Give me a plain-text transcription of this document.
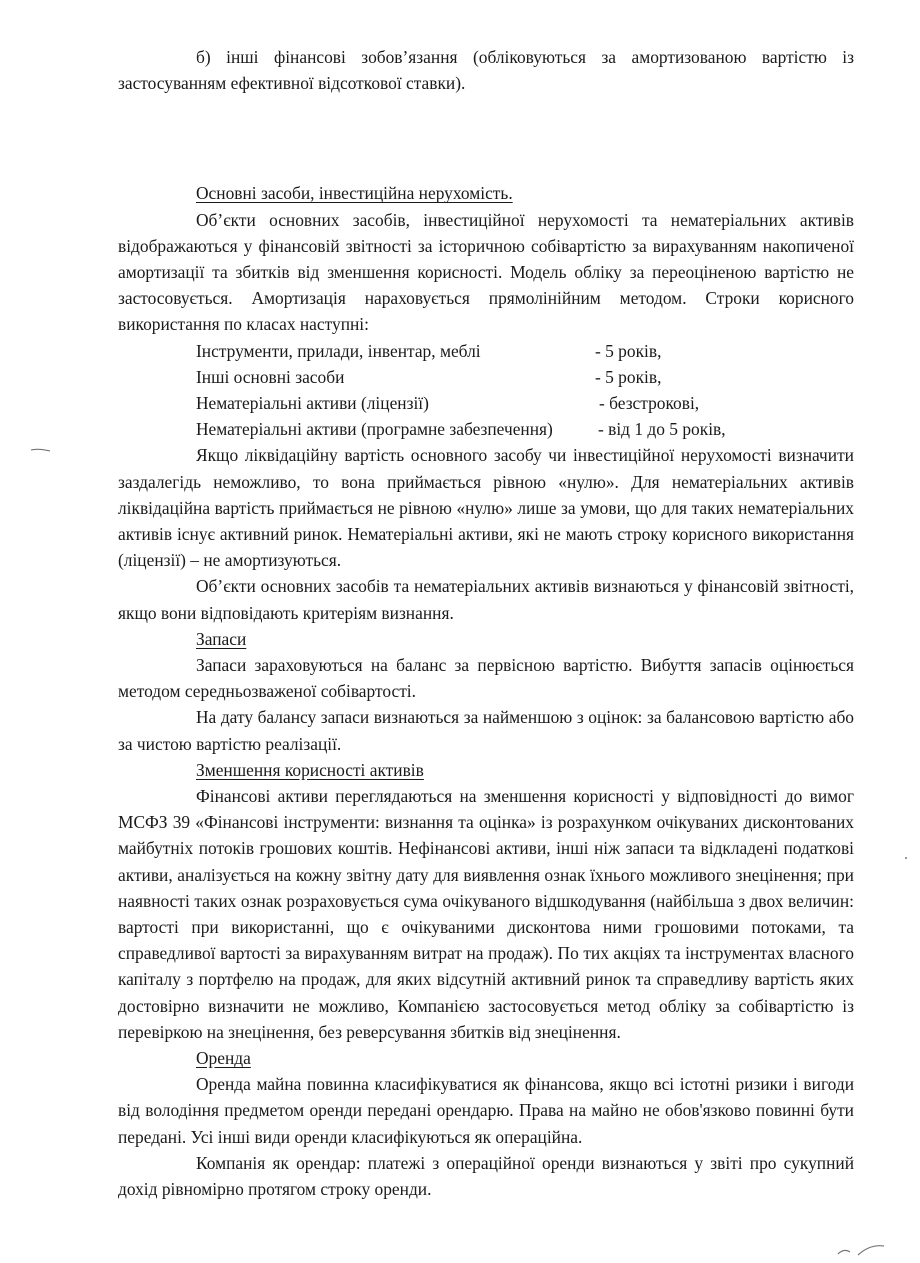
б) інші фінансові зобов’язання (обліковуються за амортизованою вартістю із застосуванням ефективної відсоткової ставки).

Основні засоби, інвестиційна нерухомість.

Об’єкти основних засобів, інвестиційної нерухомості та нематеріальних активів відображаються у фінансовій звітності за історичною собівартістю за вирахуванням накопиченої амортизації та збитків від зменшення корисності. Модель обліку за переоціненою вартістю не застосовується. Амортизація нараховується прямолінійним методом. Строки корисного використання по класах наступні:

Інструменти, прилади, інвентар, меблі	- 5 років,
Інші основні засоби	- 5 років,
Нематеріальні активи (ліцензії)	- безстрокові,
Нематеріальні активи (програмне забезпечення)	- від 1 до 5 років,

Якщо ліквідаційну вартість основного засобу чи інвестиційної нерухомості визначити заздалегідь неможливо, то вона приймається рівною «нулю». Для нематеріальних активів ліквідаційна вартість приймається не рівною «нулю» лише за умови, що для таких нематеріальних активів існує активний ринок. Нематеріальні активи, які не мають строку корисного використання (ліцензії) – не амортизуються.

Об’єкти основних засобів та нематеріальних активів визнаються у фінансовій звітності, якщо вони відповідають критеріям визнання.

Запаси

Запаси зараховуються на баланс за первісною вартістю. Вибуття запасів оцінюється методом середньозваженої собівартості.

На дату балансу запаси визнаються за найменшою з оцінок: за балансовою вартістю або за чистою вартістю реалізації.

Зменшення корисності активів

Фінансові активи переглядаються на зменшення корисності у відповідності до вимог МСФЗ 39 «Фінансові інструменти: визнання та оцінка» із розрахунком очікуваних дисконтованих майбутніх потоків грошових коштів. Нефінансові активи, інші ніж запаси та відкладені податкові активи, аналізується на кожну звітну дату для виявлення ознак їхнього можливого знецінення; при наявності таких ознак розраховується сума очікуваного відшкодування (найбільша з двох величин: вартості при використанні, що є очікуваними дисконтова ними грошовими потоками, та справедливої вартості за вирахуванням витрат на продаж). По тих акціях та інструментах власного капіталу з портфелю на продаж, для яких відсутній активний ринок та справедливу вартість яких достовірно визначити не можливо, Компанією застосовується метод обліку за собівартістю із перевіркою на знецінення, без реверсування збитків від знецінення.

Оренда

Оренда майна повинна класифікуватися як фінансова, якщо всі істотні ризики і вигоди від володіння предметом оренди передані орендарю. Права на майно не обов'язково повинні бути передані. Усі інші види оренди класифікуються як операційна.

Компанія як орендар: платежі з операційної оренди визнаються у звіті про сукупний дохід рівномірно протягом строку оренди.
